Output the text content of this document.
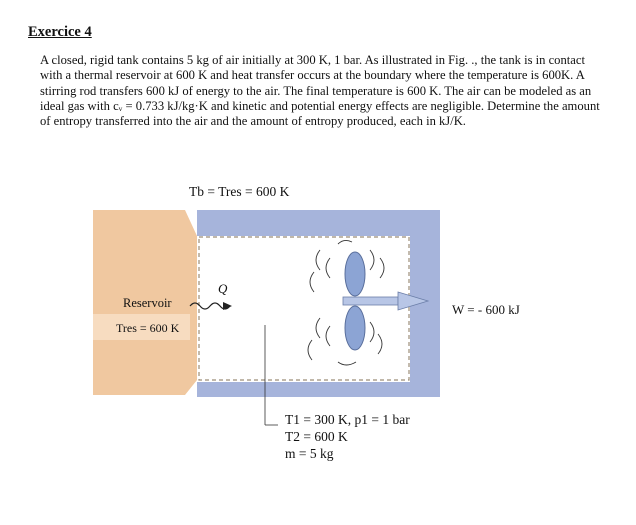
Exercice 4

A closed, rigid tank contains 5 kg of air initially at 300 K, 1 bar. As illustrated in Fig. ., the tank is in contact with a thermal reservoir at 600 K and heat transfer occurs at the boundary where the temperature is 600K. A stirring rod transfers 600 kJ of energy to the air. The final temperature is 600 K. The air can be modeled as an ideal gas with cᵥ = 0.733 kJ/kg·K and kinetic and potential energy effects are negligible. Determine the amount of entropy transferred into the air and the amount of entropy produced, each in kJ/K.

Tb = Tres = 600 K
Reservoir
Tres = 600 K
Q
W = - 600 kJ
T1 = 300 K, p1 = 1 bar
T2 = 600 K
m = 5 kg
